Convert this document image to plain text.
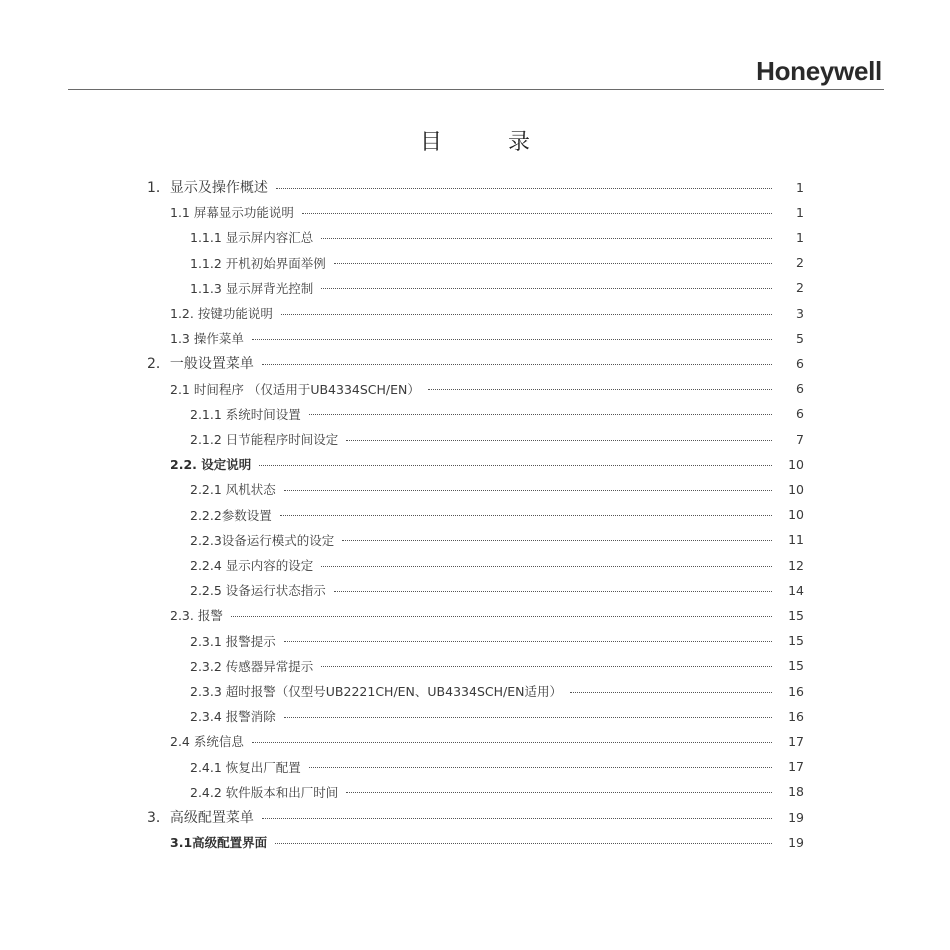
Honeywell
目	录
1．显示及操作概述	1
1.1 屏幕显示功能说明	1
1.1.1 显示屏内容汇总	1
1.1.2 开机初始界面举例	2
1.1.3 显示屏背光控制	2
1.2. 按键功能说明	3
1.3 操作菜单	5
2．一般设置菜单	6
2.1 时间程序 （仅适用于UB4334SCH/EN）	6
2.1.1 系统时间设置	6
2.1.2 日节能程序时间设定	7
2.2. 设定说明	10
2.2.1 风机状态	10
2.2.2参数设置	10
2.2.3设备运行模式的设定	11
2.2.4 显示内容的设定	12
2.2.5 设备运行状态指示	14
2.3. 报警	15
2.3.1 报警提示	15
2.3.2 传感器异常提示	15
2.3.3 超时报警（仅型号UB2221CH/EN、UB4334SCH/EN适用）	16
2.3.4 报警消除	16
2.4 系统信息	17
2.4.1 恢复出厂配置	17
2.4.2 软件版本和出厂时间	18
3．高级配置菜单	19
3.1高级配置界面	19
